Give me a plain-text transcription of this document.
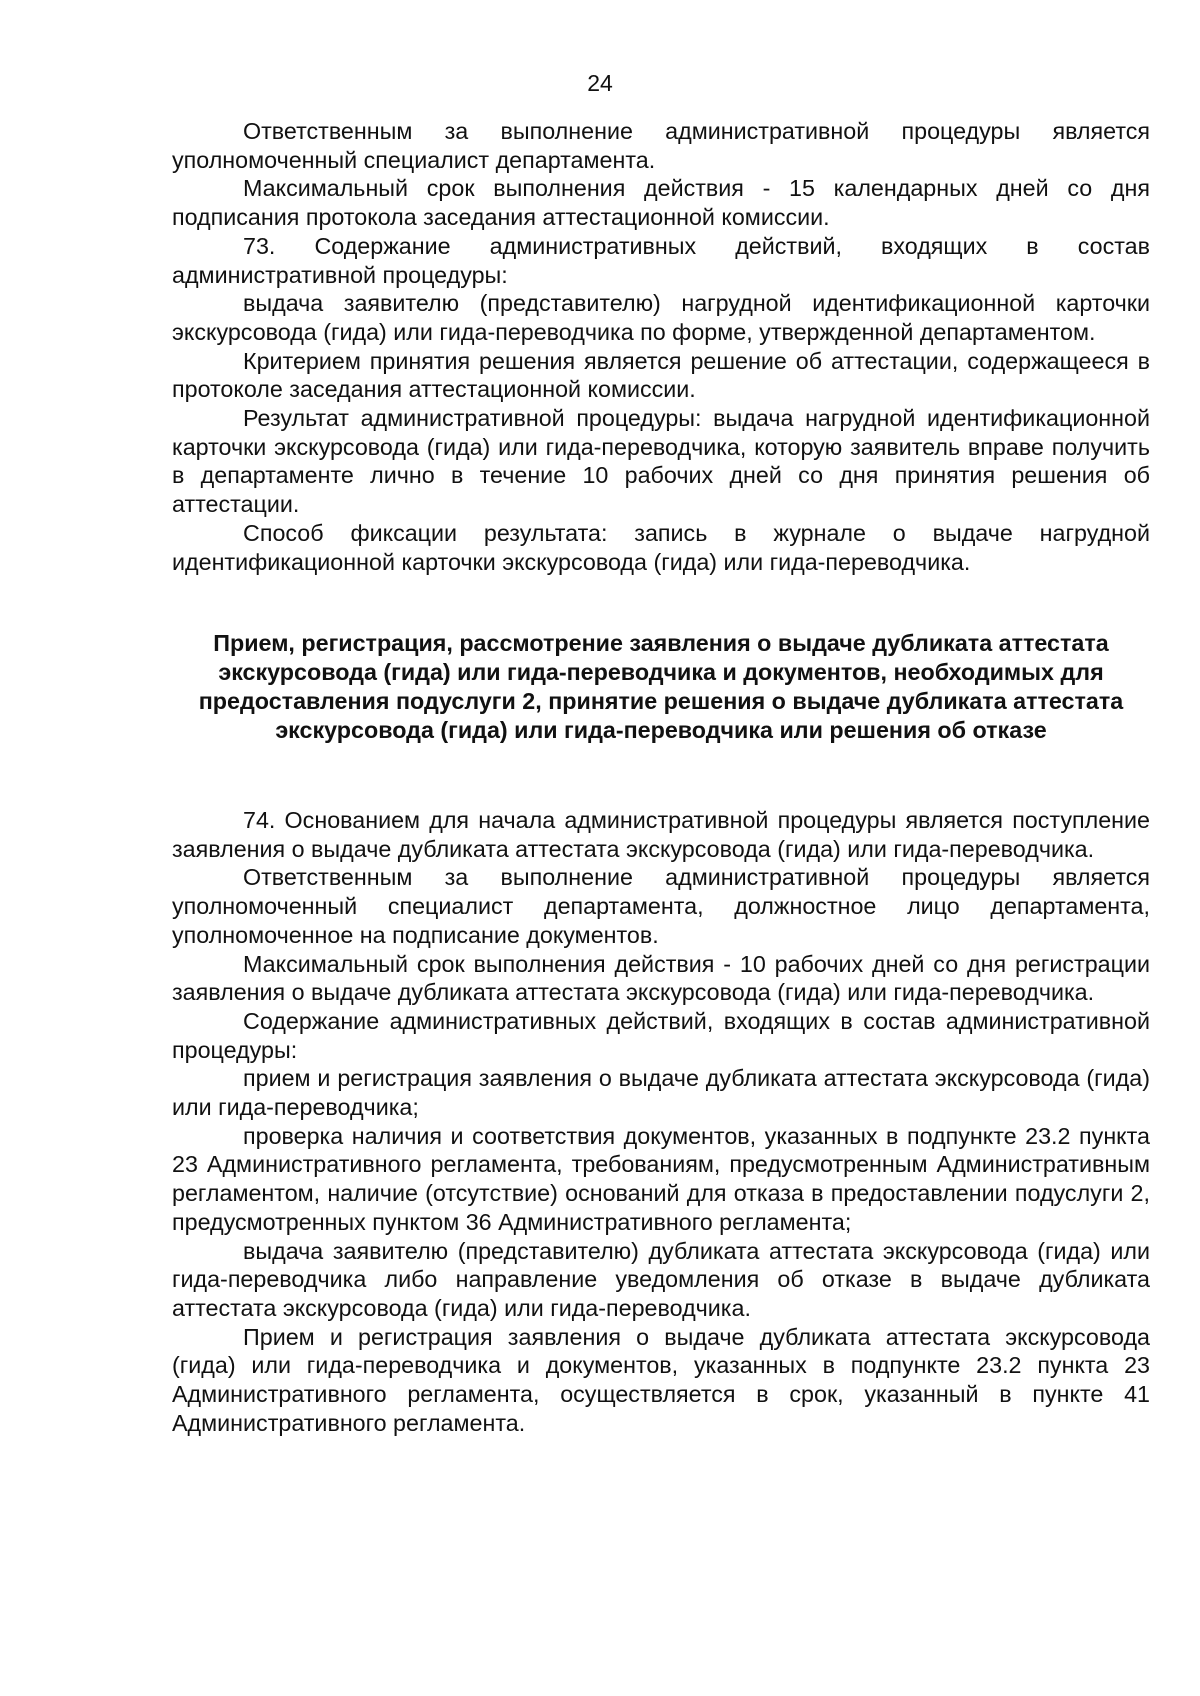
24

Ответственным за выполнение административной процедуры является уполномоченный специалист департамента.

Максимальный срок выполнения действия - 15 календарных дней со дня подписания протокола заседания аттестационной комиссии.

73. Содержание административных действий, входящих в состав административной процедуры:

выдача заявителю (представителю) нагрудной идентификационной карточки экскурсовода (гида) или гида-переводчика по форме, утвержденной департаментом.

Критерием принятия решения является решение об аттестации, содержащееся в протоколе заседания аттестационной комиссии.

Результат административной процедуры: выдача нагрудной идентификационной карточки экскурсовода (гида) или гида-переводчика, которую заявитель вправе получить в департаменте лично в течение 10 рабочих дней со дня принятия решения об аттестации.

Способ фиксации результата: запись в журнале о выдаче нагрудной идентификационной карточки экскурсовода (гида) или гида-переводчика.

Прием, регистрация, рассмотрение заявления о выдаче дубликата аттестата экскурсовода (гида) или гида-переводчика и документов, необходимых для предоставления подуслуги 2, принятие решения о выдаче дубликата аттестата экскурсовода (гида) или гида-переводчика или решения об отказе

74. Основанием для начала административной процедуры является поступление заявления о выдаче дубликата аттестата экскурсовода (гида) или гида-переводчика.

Ответственным за выполнение административной процедуры является уполномоченный специалист департамента, должностное лицо департамента, уполномоченное на подписание документов.

Максимальный срок выполнения действия - 10 рабочих дней со дня регистрации заявления о выдаче дубликата аттестата экскурсовода (гида) или гида-переводчика.

Содержание административных действий, входящих в состав административной процедуры:

прием и регистрация заявления о выдаче дубликата аттестата экскурсовода (гида) или гида-переводчика;

проверка наличия и соответствия документов, указанных в подпункте 23.2 пункта 23 Административного регламента, требованиям, предусмотренным Административным регламентом, наличие (отсутствие) оснований для отказа в предоставлении подуслуги 2, предусмотренных пунктом 36 Административного регламента;

выдача заявителю (представителю) дубликата аттестата экскурсовода (гида) или гида-переводчика либо направление уведомления об отказе в выдаче дубликата аттестата экскурсовода (гида) или гида-переводчика.

Прием и регистрация заявления о выдаче дубликата аттестата экскурсовода (гида) или гида-переводчика и документов, указанных в подпункте 23.2 пункта 23 Административного регламента, осуществляется в срок, указанный в пункте 41 Административного регламента.
